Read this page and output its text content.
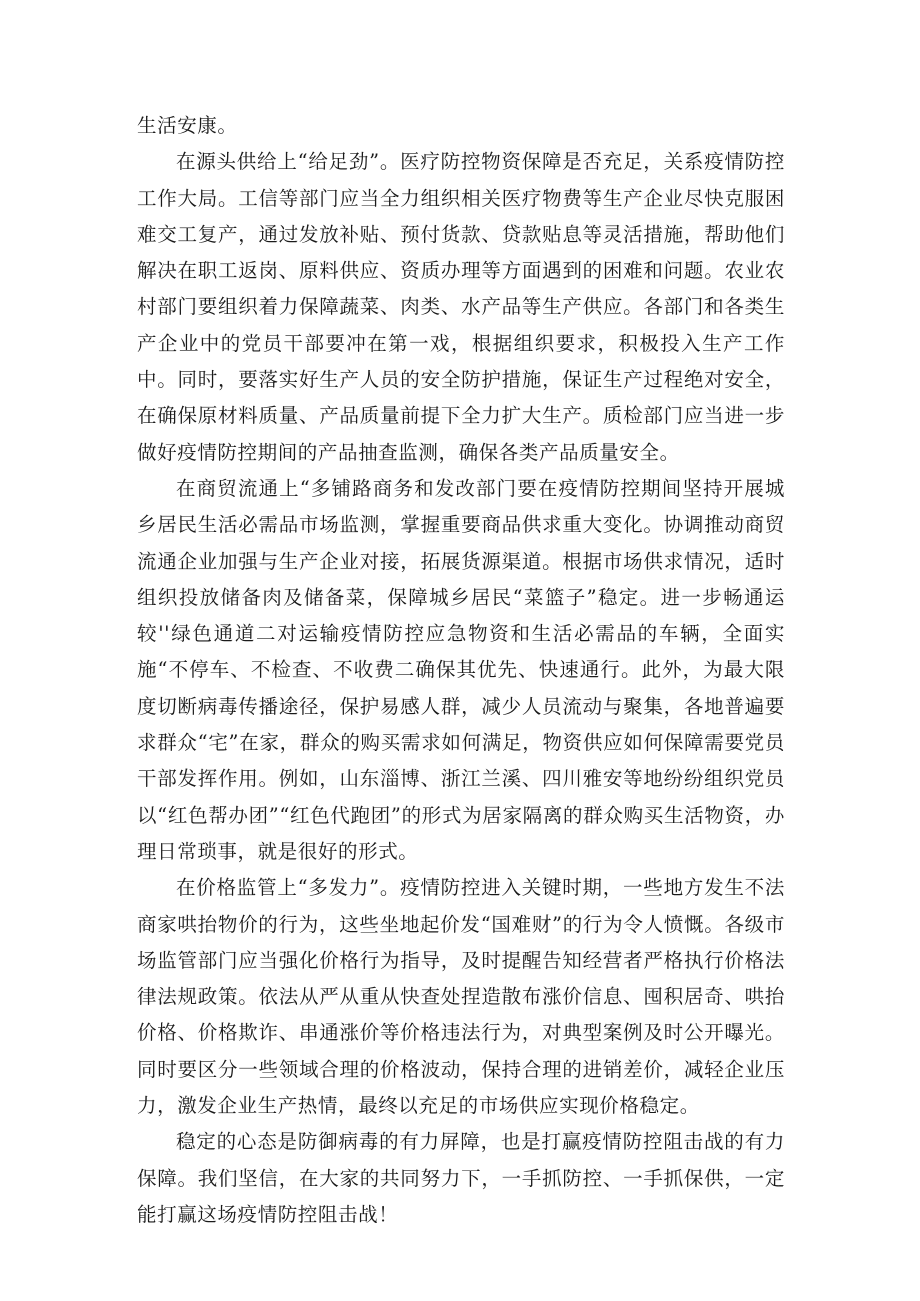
生活安康。

在源头供给上“给足劲”。医疗防控物资保障是否充足，关系疫情防控工作大局。工信等部门应当全力组织相关医疗物费等生产企业尽快克服困难交工复产，通过发放补贴、预付货款、贷款贴息等灵活措施，帮助他们解决在职工返岗、原料供应、资质办理等方面遇到的困难和问题。农业农村部门要组织着力保障蔬菜、肉类、水产品等生产供应。各部门和各类生产企业中的党员干部要冲在第一戏，根据组织要求，积极投入生产工作中。同时，要落实好生产人员的安全防护措施，保证生产过程绝对安全，在确保原材料质量、产品质量前提下全力扩大生产。质检部门应当进一步做好疫情防控期间的产品抽查监测，确保各类产品质量安全。

在商贸流通上“多铺路商务和发改部门要在疫情防控期间坚持开展城乡居民生活必需品市场监测，掌握重要商品供求重大变化。协调推动商贸流通企业加强与生产企业对接，拓展货源渠道。根据市场供求情况，适时组织投放储备肉及储备菜，保障城乡居民“菜篮子”稳定。进一步畅通运较''绿色通道二对运输疫情防控应急物资和生活必需品的车辆，全面实施“不停车、不检查、不收费二确保其优先、快速通行。此外，为最大限度切断病毒传播途径，保护易感人群，减少人员流动与聚集，各地普遍要求群众“宅”在家，群众的购买需求如何满足，物资供应如何保障需要党员干部发挥作用。例如，山东淄博、浙江兰溪、四川雅安等地纷纷组织党员以“红色帮办团”“红色代跑团”的形式为居家隔离的群众购买生活物资，办理日常琐事，就是很好的形式。

在价格监管上“多发力”。疫情防控进入关键时期，一些地方发生不法商家哄抬物价的行为，这些坐地起价发“国难财”的行为令人愤慨。各级市场监管部门应当强化价格行为指导，及时提醒告知经营者严格执行价格法律法规政策。依法从严从重从快查处捏造散布涨价信息、囤积居奇、哄抬价格、价格欺诈、串通涨价等价格违法行为，对典型案例及时公开曝光。同时要区分一些领域合理的价格波动，保持合理的进销差价，减轻企业压力，激发企业生产热情，最终以充足的市场供应实现价格稳定。

稳定的心态是防御病毒的有力屏障，也是打赢疫情防控阻击战的有力保障。我们坚信，在大家的共同努力下，一手抓防控、一手抓保供，一定能打赢这场疫情防控阻击战！
